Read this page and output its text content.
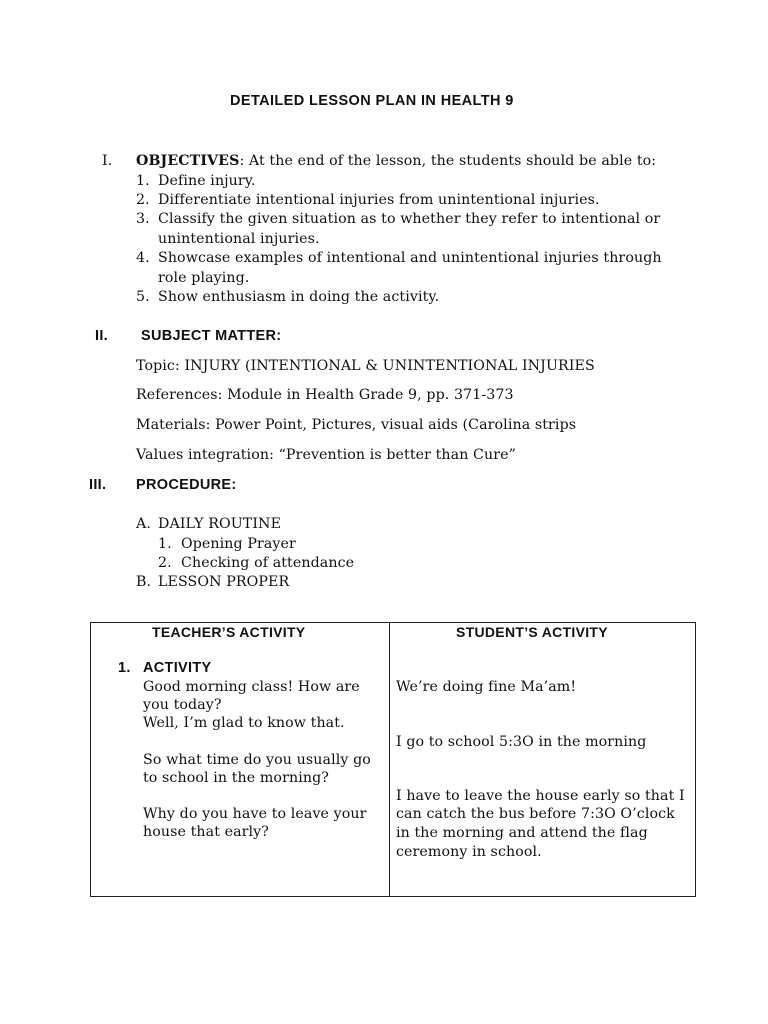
DETAILED LESSON PLAN IN HEALTH 9
I. OBJECTIVES: At the end of the lesson, the students should be able to:
1. Define injury.
2. Differentiate intentional injuries from unintentional injuries.
3. Classify the given situation as to whether they refer to intentional or
unintentional injuries.
4. Showcase examples of intentional and unintentional injuries through
role playing.
5. Show enthusiasm in doing the activity.
II. SUBJECT MATTER:
Topic: INJURY (INTENTIONAL & UNINTENTIONAL INJURIES
References: Module in Health Grade 9, pp. 371-373
Materials: Power Point, Pictures, visual aids (Carolina strips
Values integration: “Prevention is better than Cure”
III. PROCEDURE:
A. DAILY ROUTINE
1. Opening Prayer
2. Checking of attendance
B. LESSON PROPER
TEACHER’S ACTIVITY	STUDENT’S ACTIVITY
1. ACTIVITY
Good morning class! How are
you today?
Well, I’m glad to know that.
So what time do you usually go
to school in the morning?
Why do you have to leave your
house that early?
We’re doing fine Ma’am!
I go to school 5:3O in the morning
I have to leave the house early so that I
can catch the bus before 7:3O O’clock
in the morning and attend the flag
ceremony in school.
